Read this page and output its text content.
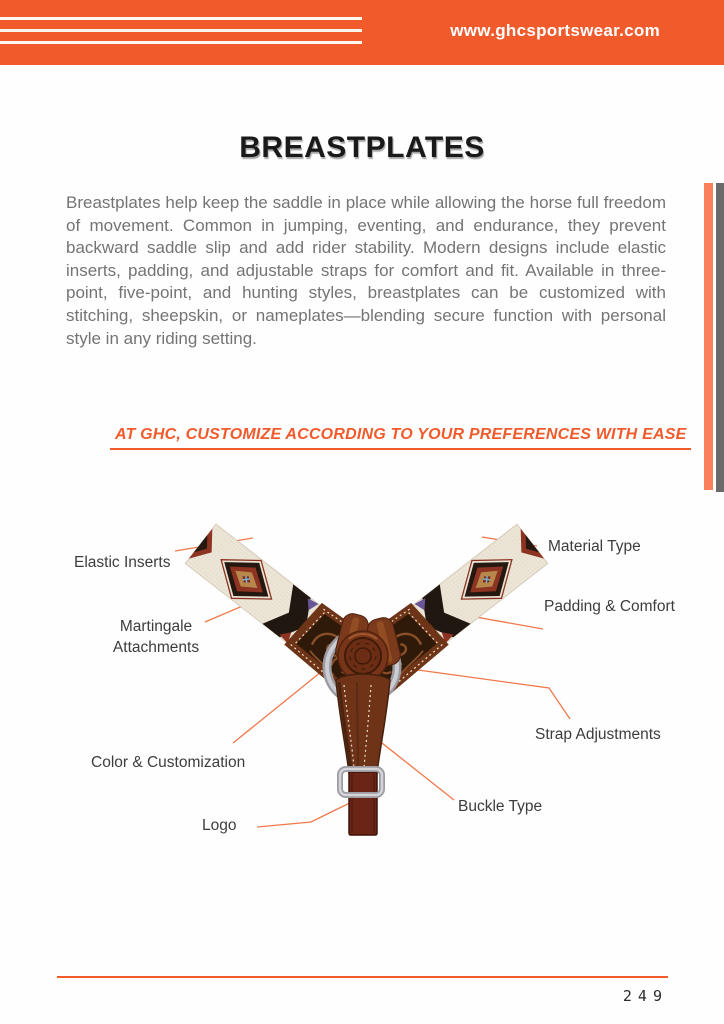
www.ghcsportswear.com
BREASTPLATES
Breastplates help keep the saddle in place while allowing the horse full freedom of movement. Common in jumping, eventing, and endurance, they prevent backward saddle slip and add rider stability. Modern designs include elastic inserts, padding, and adjustable straps for comfort and fit. Available in three-point, five-point, and hunting styles, breastplates can be customized with stitching, sheepskin, or nameplates—blending secure function with personal style in any riding setting.
AT GHC, CUSTOMIZE ACCORDING TO YOUR PREFERENCES WITH EASE
Elastic Inserts
Martingale Attachments
Color & Customization
Logo
Material Type
Padding & Comfort
Strap Adjustments
Buckle Type
249
